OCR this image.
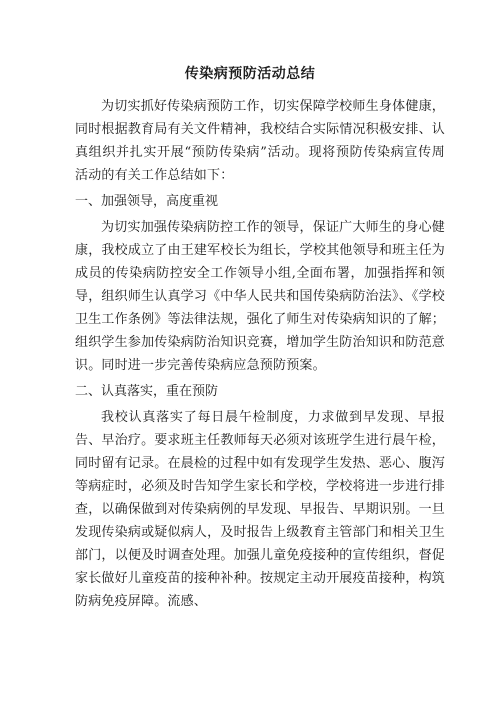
传染病预防活动总结

为切实抓好传染病预防工作，切实保障学校师生身体健康，同时根据教育局有关文件精神，我校结合实际情况积极安排、认真组织并扎实开展“预防传染病”活动。现将预防传染病宣传周活动的有关工作总结如下：

一、加强领导，高度重视

为切实加强传染病防控工作的领导，保证广大师生的身心健康，我校成立了由王建军校长为组长，学校其他领导和班主任为成员的传染病防控安全工作领导小组,全面布署，加强指挥和领导，组织师生认真学习《中华人民共和国传染病防治法》、《学校卫生工作条例》等法律法规，强化了师生对传染病知识的了解；组织学生参加传染病防治知识竞赛，增加学生防治知识和防范意识。同时进一步完善传染病应急预防预案。

二、认真落实，重在预防

我校认真落实了每日晨午检制度，力求做到早发现、早报告、早治疗。要求班主任教师每天必须对该班学生进行晨午检，同时留有记录。在晨检的过程中如有发现学生发热、恶心、腹泻等病症时，必须及时告知学生家长和学校，学校将进一步进行排查，以确保做到对传染病例的早发现、早报告、早期识别。一旦发现传染病或疑似病人，及时报告上级教育主管部门和相关卫生部门，以便及时调查处理。加强儿童免疫接种的宣传组织，督促家长做好儿童疫苗的接种补种。按规定主动开展疫苗接种，构筑防病免疫屏障。流感、
